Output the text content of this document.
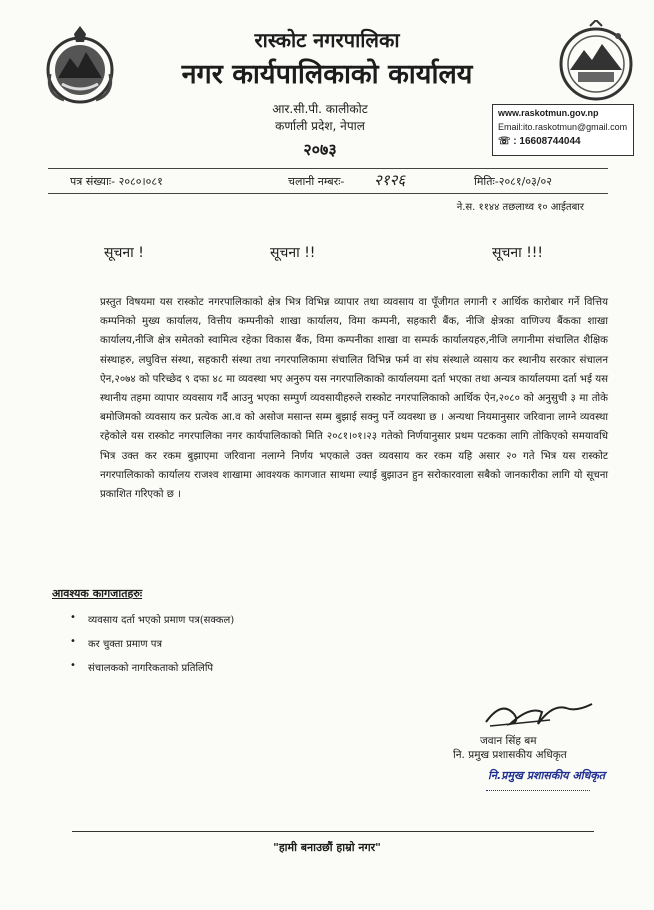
रास्कोट नगरपालिका
नगर कार्यपालिकाको कार्यालय
आर.सी.पी. कालीकोट
कर्णाली प्रदेश, नेपाल
२०७३
www.raskotmun.gov.np
Email:ito.raskotmun@gmail.com
☏ : 16608744044
पत्र संख्याः- २०८०।०८१	चलानी नम्बरः- २१२६	मितिः-२०८१/०३/०२
ने.स. ११४४ तछलाथ्व १० आईतबार
सूचना !	सूचना !!	सूचना !!!
प्रस्तुत विषयमा यस रास्कोट नगरपालिकाको क्षेत्र भित्र विभिन्न व्यापार तथा व्यवसाय वा पूँजीगत लगानी र आर्थिक कारोबार गर्ने वित्तिय कम्पनिको मुख्य कार्यालय, वित्तीय कम्पनीको शाखा कार्यालय, विमा कम्पनी, सहकारी बैंक, नीजि क्षेत्रका वाणिज्य बैंकका शाखा कार्यालय,नीजि क्षेत्र समेतको स्वामित्व रहेका विकास बैंक, विमा कम्पनीका शाखा वा सम्पर्क कार्यालयहरु,नीजि लगानीमा संचालित शैक्षिक संस्थाहरु, लघुवित्त संस्था, सहकारी संस्था तथा नगरपालिकामा संचालित विभिन्न फर्म वा संघ संस्थाले व्यसाय कर स्थानीय सरकार संचालन ऐन,२०७४ को परिच्छेद ९ दफा ४८ मा व्यवस्था भए अनुरुप यस नगरपालिकाको कार्यालयमा दर्ता भएका तथा अन्यत्र कार्यालयमा दर्ता भई यस स्थानीय तहमा व्यापार व्यवसाय गर्दै आउनु भएका सम्पुर्ण व्यवसायीहरुले रास्कोट नगरपालिकाको आर्थिक ऐन,२०८० को अनुसुची ३ मा तोके बमोजिमको व्यवसाय कर प्रत्येक आ.व को असोज मसान्त सम्म बुझाई सक्नु पर्ने व्यवस्था छ । अन्यथा नियमानुसार जरिवाना लाग्ने व्यवस्था रहेकोले यस रास्कोट नगरपालिका नगर कार्यपालिकाको मिति २०८१।०१।२३ गतेको निर्णयानुसार प्रथम पटकका लागि तोकिएको समयावधि भित्र उक्त कर रकम बुझाएमा जरिवाना नलाग्ने निर्णय भएकाले उक्त व्यवसाय कर रकम यहि असार २० गते भित्र यस रास्कोट नगरपालिकाको कार्यालय राजश्व शाखामा आवश्यक कागजात साथमा ल्याई बुझाउन हुन सरोकारवाला सबैको जानकारीका लागि यो सूचना प्रकाशित गरिएको छ ।
आवश्यक कागजातहरुः
• व्यवसाय दर्ता भएको प्रमाण पत्र(सक्कल)
• कर चुक्ता प्रमाण पत्र
• संचालकको नागरिकताको प्रतिलिपि
जवान सिंह बम
नि. प्रमुख प्रशासकीय अधिकृत
नि.प्रमुख प्रशासकीय अधिकृत
"हामी बनाउछौं हाम्रो नगर"
